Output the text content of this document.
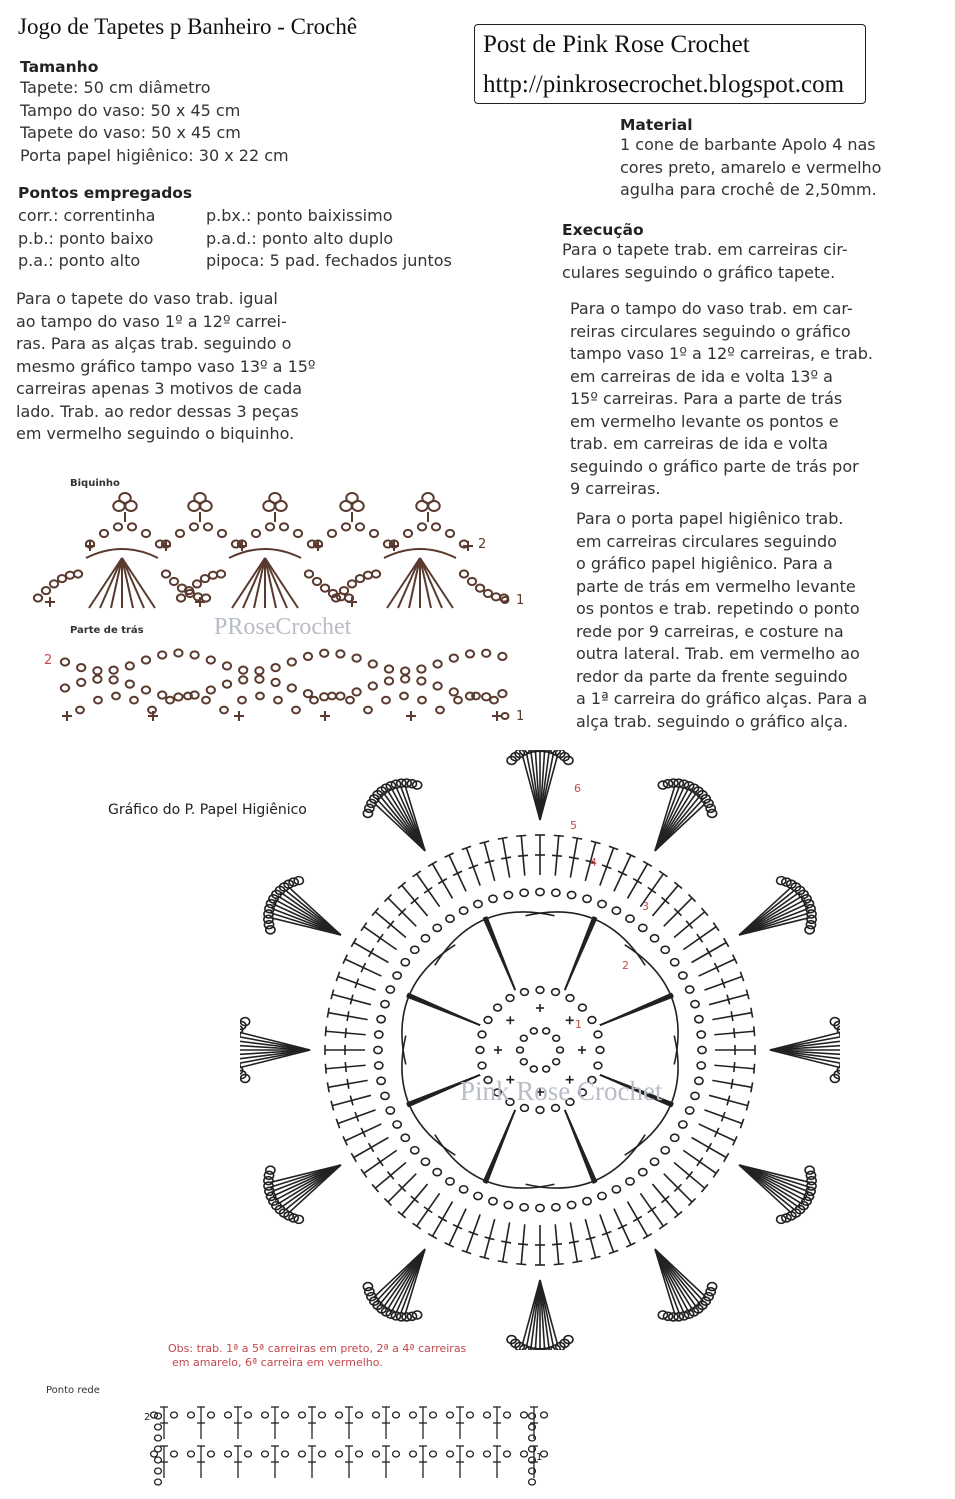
Jogo de Tapetes p Banheiro - Crochê
Post de Pink Rose Crochet
http://pinkrosecrochet.blogspot.com
Tamanho
Tapete: 50 cm diâmetro
Tampo do vaso: 50 x 45 cm
Tapete do vaso: 50 x 45 cm
Porta papel higiênico: 30 x 22 cm
Pontos empregados
corr.: correntinha
p.b.: ponto baixo
p.a.: ponto alto
p.bx.: ponto baixissimo
p.a.d.: ponto alto duplo
pipoca: 5 pad. fechados juntos
Para o tapete do vaso trab. igual
ao tampo do vaso 1º a 12º carrei-
ras. Para as alças trab. seguindo o
mesmo gráfico tampo vaso 13º a 15º
carreiras apenas 3 motivos de cada
lado. Trab. ao redor dessas 3 peças
em vermelho seguindo o biquinho.
Material
1 cone de barbante Apolo 4 nas
cores preto, amarelo e vermelho
agulha para crochê de 2,50mm.
Execução
Para o tapete trab. em carreiras cir-
culares seguindo o gráfico tapete.
Para o tampo do vaso trab. em car-
reiras circulares seguindo o gráfico
tampo vaso 1º a 12º carreiras, e trab.
em carreiras de ida e volta 13º a
15º carreiras. Para a parte de trás
em vermelho levante os pontos e
trab. em carreiras de ida e volta
seguindo o gráfico parte de trás por
9 carreiras.
Para o porta papel higiênico trab.
em carreiras circulares seguindo
o gráfico papel higiênico. Para a
parte de trás em vermelho levante
os pontos e trab. repetindo o ponto
rede por 9 carreiras, e costure na
outra lateral. Trab. em vermelho ao
redor da parte da frente seguindo
a 1ª carreira do gráfico alças. Para a
alça trab. seguindo o gráfico alça.
Biquinho
Parte de trás	PRoseCrochet
2
1
2
1
Gráfico do P. Papel Higiênico
6
5
4
3
2
1
Pink Rose Crochet
Obs: trab. 1ª a 5ª carreiras em preto, 2ª a 4ª carreiras
em amarelo, 6ª carreira em vermelho.
Ponto rede
2
1
